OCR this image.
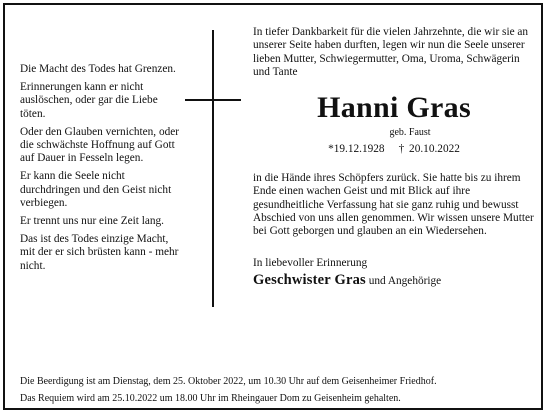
Die Macht des Todes hat Grenzen.

Erinnerungen kann er nicht auslöschen, oder gar die Liebe töten.

Oder den Glauben vernichten, oder die schwächste Hoffnung auf Gott auf Dauer in Fesseln legen.

Er kann die Seele nicht durchdringen und den Geist nicht verbiegen.

Er trennt uns nur eine Zeit lang.

Das ist des Todes einzige Macht, mit der er sich brüsten kann - mehr nicht.

In tiefer Dankbarkeit für die vielen Jahrzehnte, die wir sie an unserer Seite haben durften, legen wir nun die Seele unserer lieben Mutter, Schwiegermutter, Oma, Uroma, Schwägerin und Tante

Hanni Gras
geb. Faust
*19.12.1928 † 20.10.2022

in die Hände ihres Schöpfers zurück. Sie hatte bis zu ihrem Ende einen wachen Geist und mit Blick auf ihre gesundheitliche Verfassung hat sie ganz ruhig und bewusst Abschied von uns allen genommen. Wir wissen unsere Mutter bei Gott geborgen und glauben an ein Wiedersehen.

In liebevoller Erinnerung

Geschwister Gras und Angehörige

Die Beerdigung ist am Dienstag, dem 25. Oktober 2022, um 10.30 Uhr auf dem Geisenheimer Friedhof.

Das Requiem wird am 25.10.2022 um 18.00 Uhr im Rheingauer Dom zu Geisenheim gehalten.
